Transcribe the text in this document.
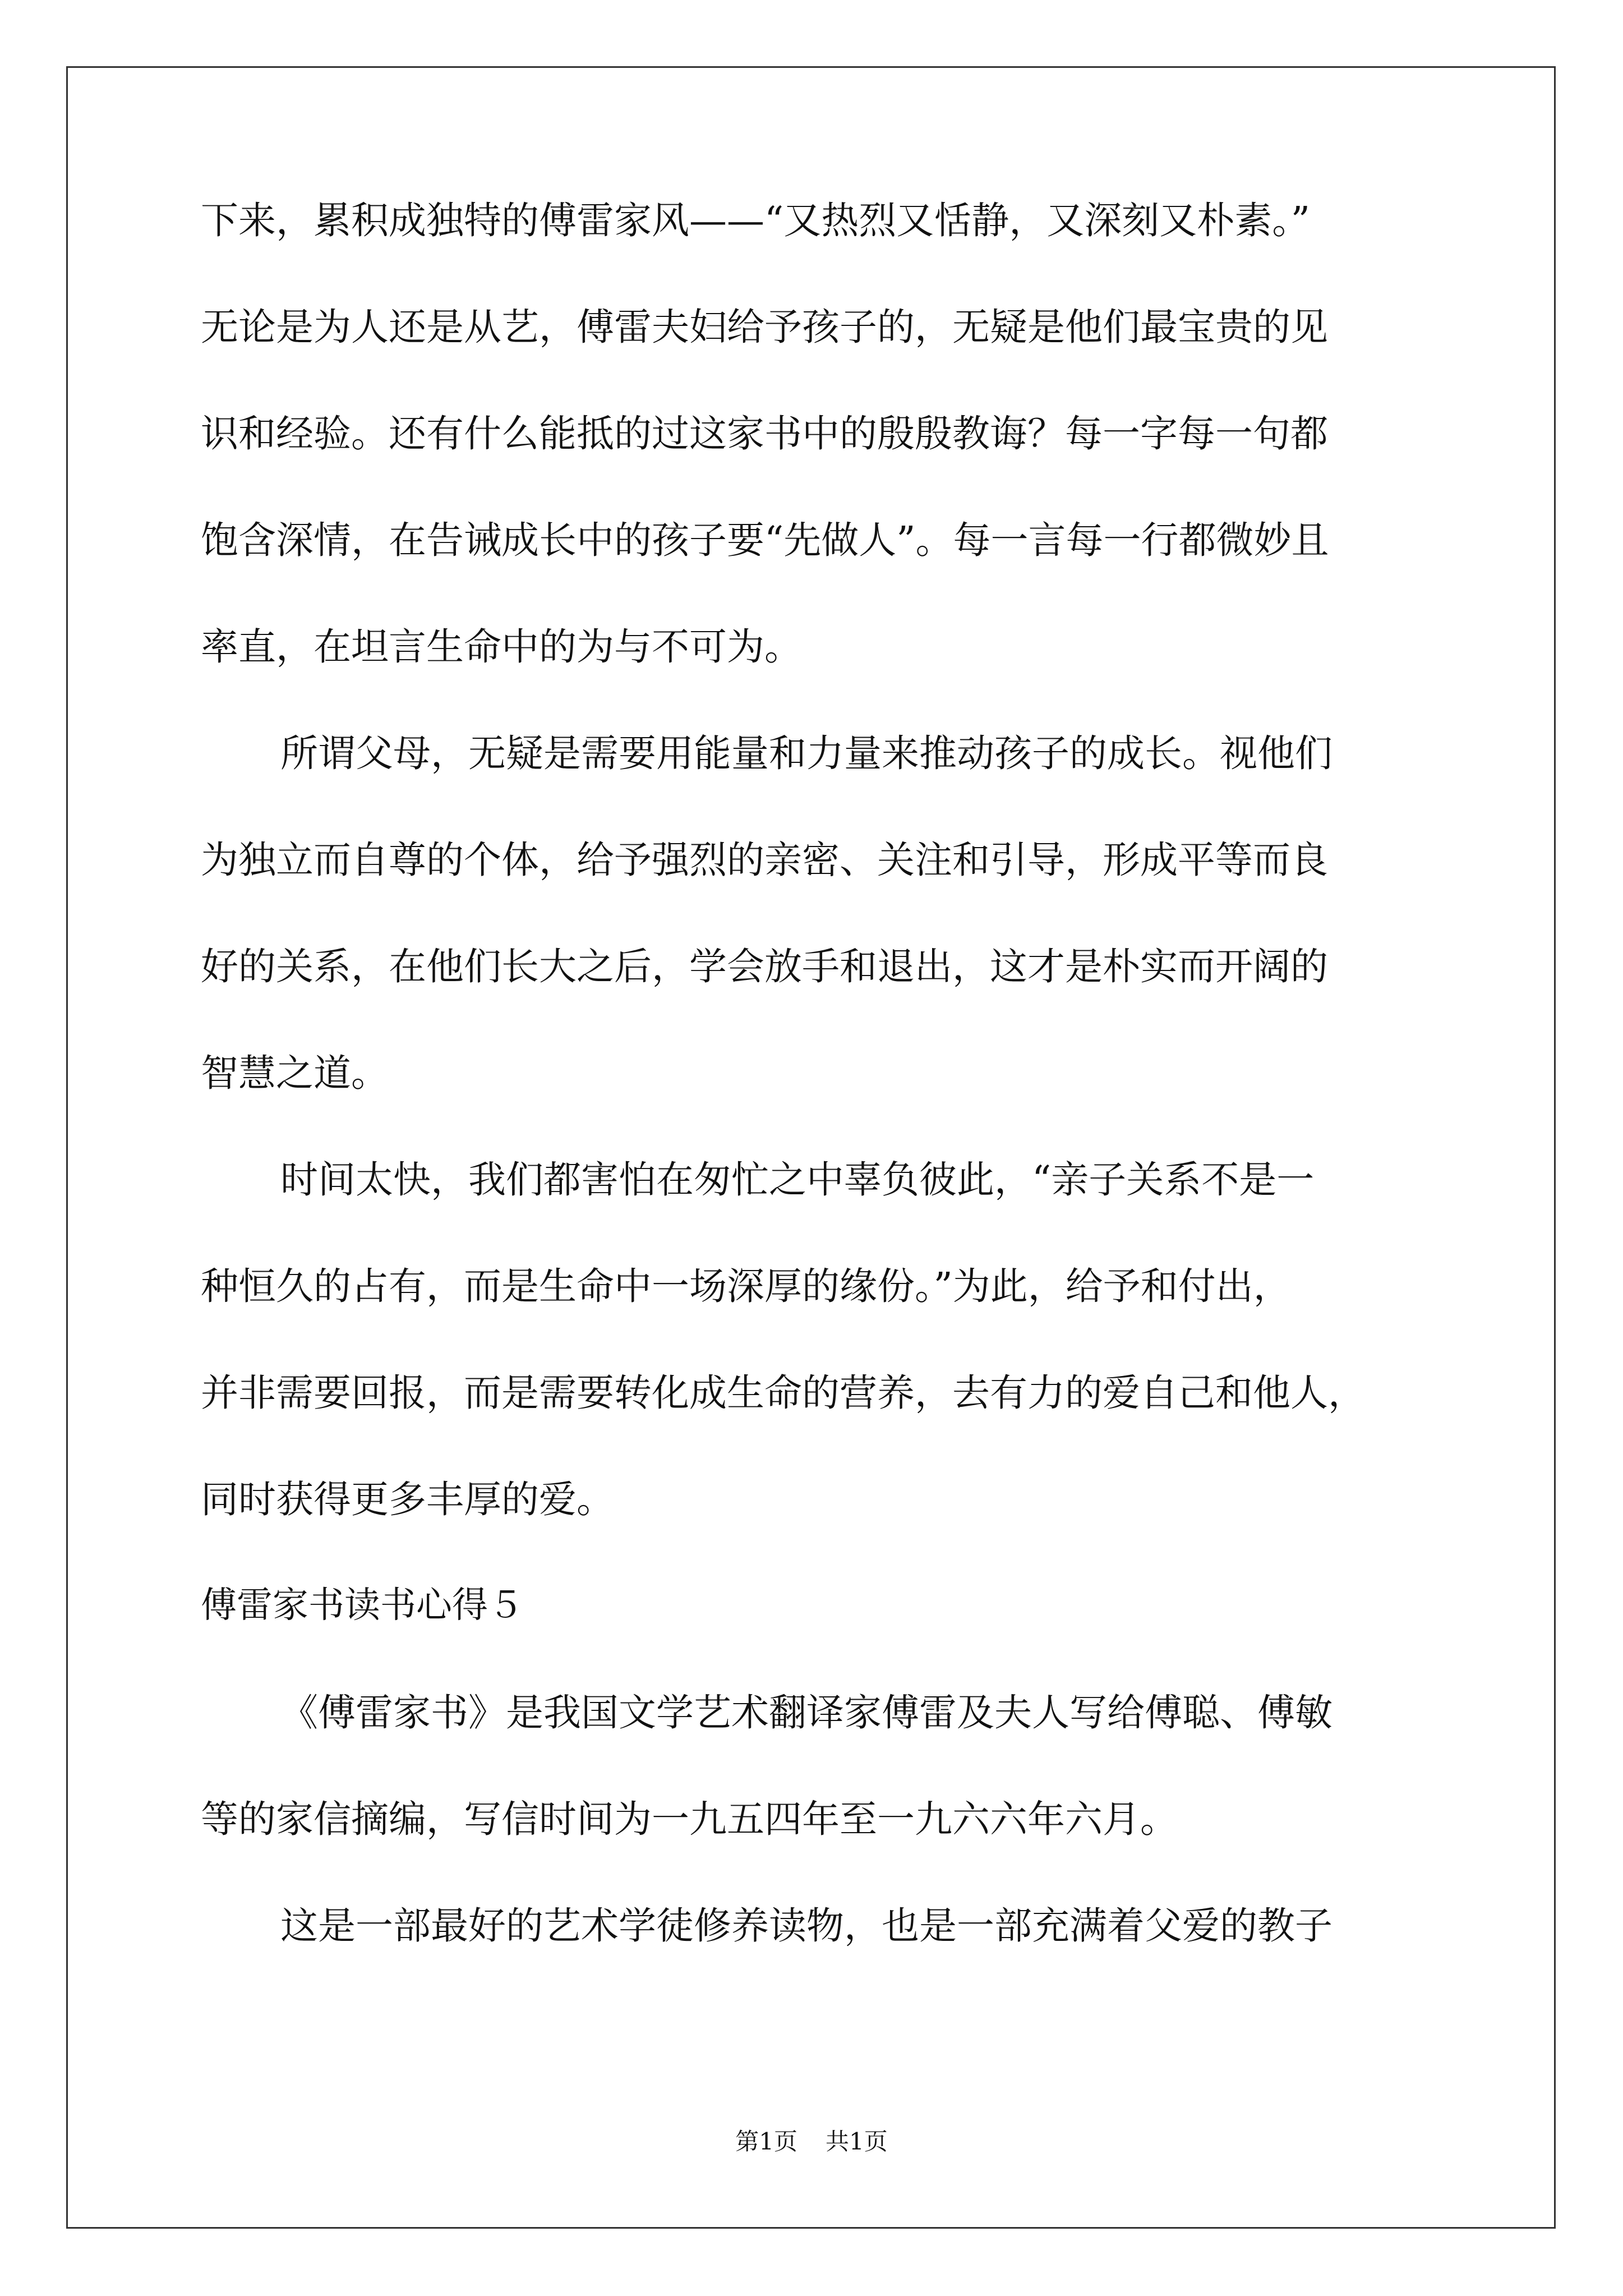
下来，累积成独特的傅雷家风——“又热烈又恬静，又深刻又朴素。”
无论是为人还是从艺，傅雷夫妇给予孩子的，无疑是他们最宝贵的见
识和经验。还有什么能抵的过这家书中的殷殷教诲？每一字每一句都
饱含深情，在告诫成长中的孩子要“先做人”。每一言每一行都微妙且
率直，在坦言生命中的为与不可为。
所谓父母，无疑是需要用能量和力量来推动孩子的成长。视他们
为独立而自尊的个体，给予强烈的亲密、关注和引导，形成平等而良
好的关系，在他们长大之后，学会放手和退出，这才是朴实而开阔的
智慧之道。
时间太快，我们都害怕在匆忙之中辜负彼此，“亲子关系不是一
种恒久的占有，而是生命中一场深厚的缘份。”为此，给予和付出，
并非需要回报，而是需要转化成生命的营养，去有力的爱自己和他人，
同时获得更多丰厚的爱。
傅雷家书读书心得５
《傅雷家书》是我国文学艺术翻译家傅雷及夫人写给傅聪、傅敏
等的家信摘编，写信时间为一九五四年至一九六六年六月。
这是一部最好的艺术学徒修养读物，也是一部充满着父爱的教子
第1页 共1页
